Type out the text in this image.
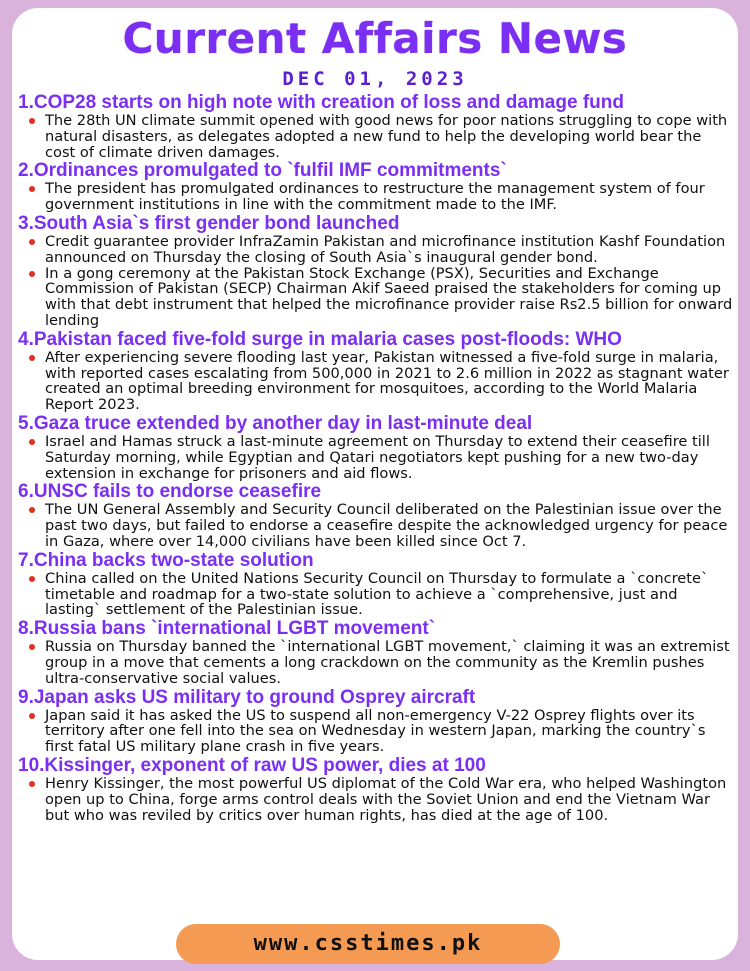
Current Affairs News
DEC 01, 2023
1.COP28 starts on high note with creation of loss and damage fund
The 28th UN climate summit opened with good news for poor nations struggling to cope with natural disasters, as delegates adopted a new fund to help the developing world bear the cost of climate driven damages.
2.Ordinances promulgated to `fulfil IMF commitments`
The president has promulgated ordinances to restructure the management system of four government institutions in line with the commitment made to the IMF.
3.South Asia`s first gender bond launched
Credit guarantee provider InfraZamin Pakistan and microfinance institution Kashf Foundation announced on Thursday the closing of South Asia`s inaugural gender bond.
In a gong ceremony at the Pakistan Stock Exchange (PSX), Securities and Exchange Commission of Pakistan (SECP) Chairman Akif Saeed praised the stakeholders for coming up with that debt instrument that helped the microfinance provider raise Rs2.5 billion for onward lending
4.Pakistan faced five-fold surge in malaria cases post-floods: WHO
After experiencing severe flooding last year, Pakistan witnessed a five-fold surge in malaria, with reported cases escalating from 500,000 in 2021 to 2.6 million in 2022 as stagnant water created an optimal breeding environment for mosquitoes, according to the World Malaria Report 2023.
5.Gaza truce extended by another day in last-minute deal
Israel and Hamas struck a last-minute agreement on Thursday to extend their ceasefire till Saturday morning, while Egyptian and Qatari negotiators kept pushing for a new two-day extension in exchange for prisoners and aid flows.
6.UNSC fails to endorse ceasefire
The UN General Assembly and Security Council deliberated on the Palestinian issue over the past two days, but failed to endorse a ceasefire despite the acknowledged urgency for peace in Gaza, where over 14,000 civilians have been killed since Oct 7.
7.China backs two-state solution
China called on the United Nations Security Council on Thursday to formulate a `concrete` timetable and roadmap for a two-state solution to achieve a `comprehensive, just and lasting` settlement of the Palestinian issue.
8.Russia bans `international LGBT movement`
Russia on Thursday banned the `international LGBT movement,` claiming it was an extremist group in a move that cements a long crackdown on the community as the Kremlin pushes ultra-conservative social values.
9.Japan asks US military to ground Osprey aircraft
Japan said it has asked the US to suspend all non-emergency V-22 Osprey flights over its territory after one fell into the sea on Wednesday in western Japan, marking the country`s first fatal US military plane crash in five years.
10.Kissinger, exponent of raw US power, dies at 100
Henry Kissinger, the most powerful US diplomat of the Cold War era, who helped Washington open up to China, forge arms control deals with the Soviet Union and end the Vietnam War but who was reviled by critics over human rights, has died at the age of 100.
www.csstimes.pk
